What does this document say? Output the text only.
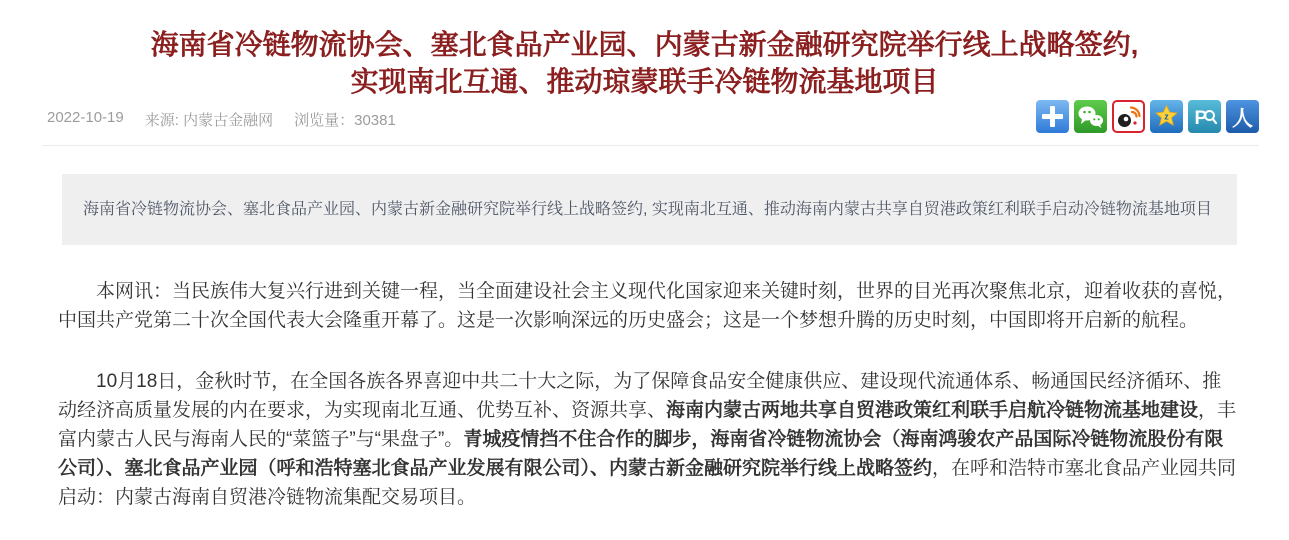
海南省冷链物流协会、塞北食品产业园、内蒙古新金融研究院举行线上战略签约, 实现南北互通、推动琼蒙联手冷链物流基地项目
2022-10-19 来源: 内蒙古金融网 浏览量：30381	z P 人

海南省冷链物流协会、塞北食品产业园、内蒙古新金融研究院举行线上战略签约, 实现南北互通、推动海南内蒙古共享自贸港政策红利联手启动冷链物流基地项目

本网讯：当民族伟大复兴行进到关键一程，当全面建设社会主义现代化国家迎来关键时刻，世界的目光再次聚焦北京，迎着收获的喜悦，中国共产党第二十次全国代表大会隆重开幕了。这是一次影响深远的历史盛会；这是一个梦想升腾的历史时刻，中国即将开启新的航程。

10月18日，金秋时节，在全国各族各界喜迎中共二十大之际，为了保障食品安全健康供应、建设现代流通体系、畅通国民经济循环、推动经济高质量发展的内在要求，为实现南北互通、优势互补、资源共享、海南内蒙古两地共享自贸港政策红利联手启航冷链物流基地建设，丰富内蒙古人民与海南人民的“菜篮子”与“果盘子”。青城疫情挡不住合作的脚步，海南省冷链物流协会（海南鸿骏农产品国际冷链物流股份有限公司）、塞北食品产业园（呼和浩特塞北食品产业发展有限公司）、内蒙古新金融研究院举行线上战略签约，在呼和浩特市塞北食品产业园共同启动：内蒙古海南自贸港冷链物流集配交易项目。
